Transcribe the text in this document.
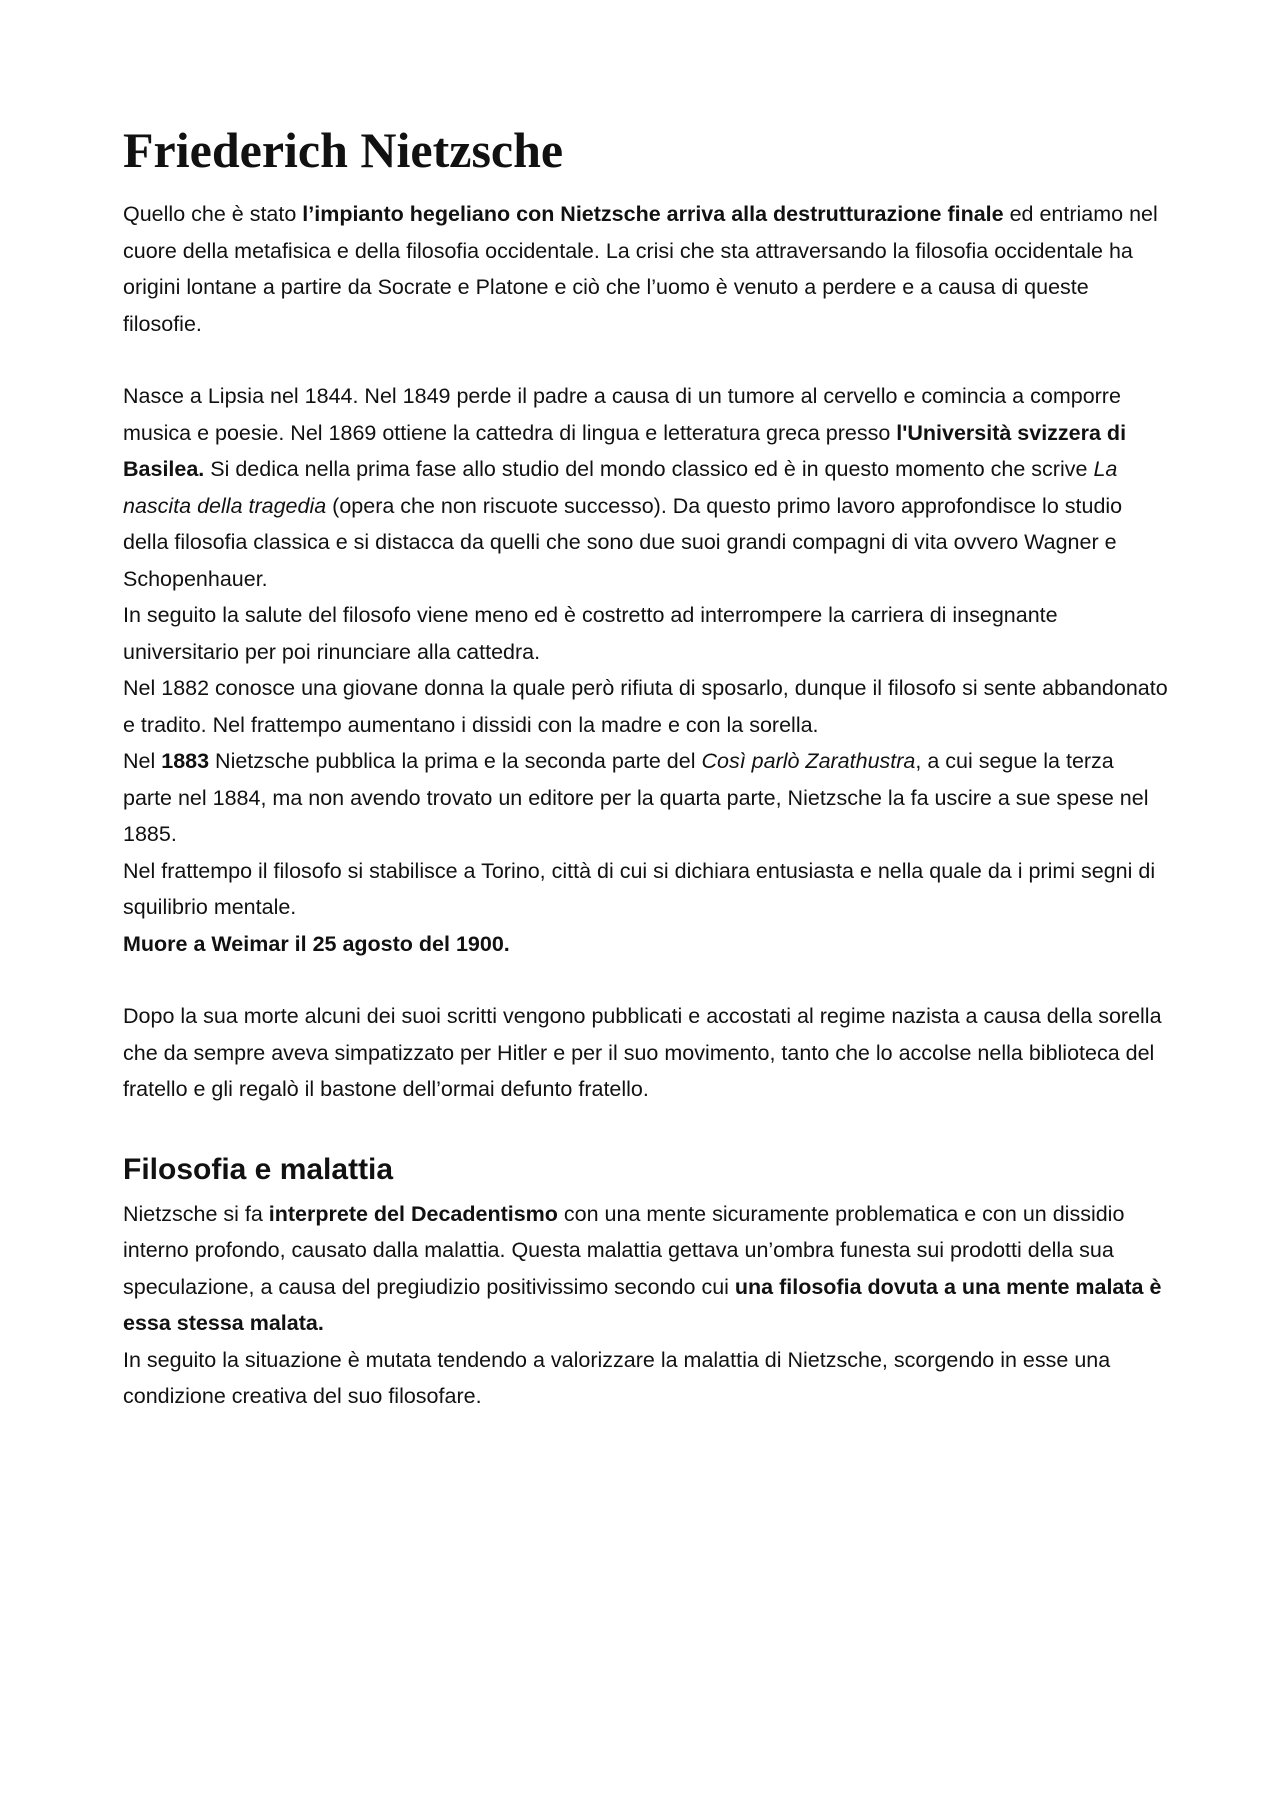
Friederich Nietzsche

Quello che è stato l’impianto hegeliano con Nietzsche arriva alla destrutturazione finale ed entriamo nel cuore della metafisica e della filosofia occidentale. La crisi che sta attraversando la filosofia occidentale ha origini lontane a partire da Socrate e Platone e ciò che l’uomo è venuto a perdere e a causa di queste filosofie.

Nasce a Lipsia nel 1844. Nel 1849 perde il padre a causa di un tumore al cervello e comincia a comporre musica e poesie. Nel 1869 ottiene la cattedra di lingua e letteratura greca presso l'Università svizzera di Basilea. Si dedica nella prima fase allo studio del mondo classico ed è in questo momento che scrive La nascita della tragedia (opera che non riscuote successo). Da questo primo lavoro approfondisce lo studio della filosofia classica e si distacca da quelli che sono due suoi grandi compagni di vita ovvero Wagner e Schopenhauer.

In seguito la salute del filosofo viene meno ed è costretto ad interrompere la carriera di insegnante universitario per poi rinunciare alla cattedra.

Nel 1882 conosce una giovane donna la quale però rifiuta di sposarlo, dunque il filosofo si sente abbandonato e tradito. Nel frattempo aumentano i dissidi con la madre e con la sorella.

Nel 1883 Nietzsche pubblica la prima e la seconda parte del Così parlò Zarathustra, a cui segue la terza parte nel 1884, ma non avendo trovato un editore per la quarta parte, Nietzsche la fa uscire a sue spese nel 1885.

Nel frattempo il filosofo si stabilisce a Torino, città di cui si dichiara entusiasta e nella quale da i primi segni di squilibrio mentale.

Muore a Weimar il 25 agosto del 1900.

Dopo la sua morte alcuni dei suoi scritti vengono pubblicati e accostati al regime nazista a causa della sorella che da sempre aveva simpatizzato per Hitler e per il suo movimento, tanto che lo accolse nella biblioteca del fratello e gli regalò il bastone dell’ormai defunto fratello.

Filosofia e malattia

Nietzsche si fa interprete del Decadentismo con una mente sicuramente problematica e con un dissidio interno profondo, causato dalla malattia. Questa malattia gettava un’ombra funesta sui prodotti della sua speculazione, a causa del pregiudizio positivissimo secondo cui una filosofia dovuta a una mente malata è essa stessa malata.

In seguito la situazione è mutata tendendo a valorizzare la malattia di Nietzsche, scorgendo in esse una condizione creativa del suo filosofare.
